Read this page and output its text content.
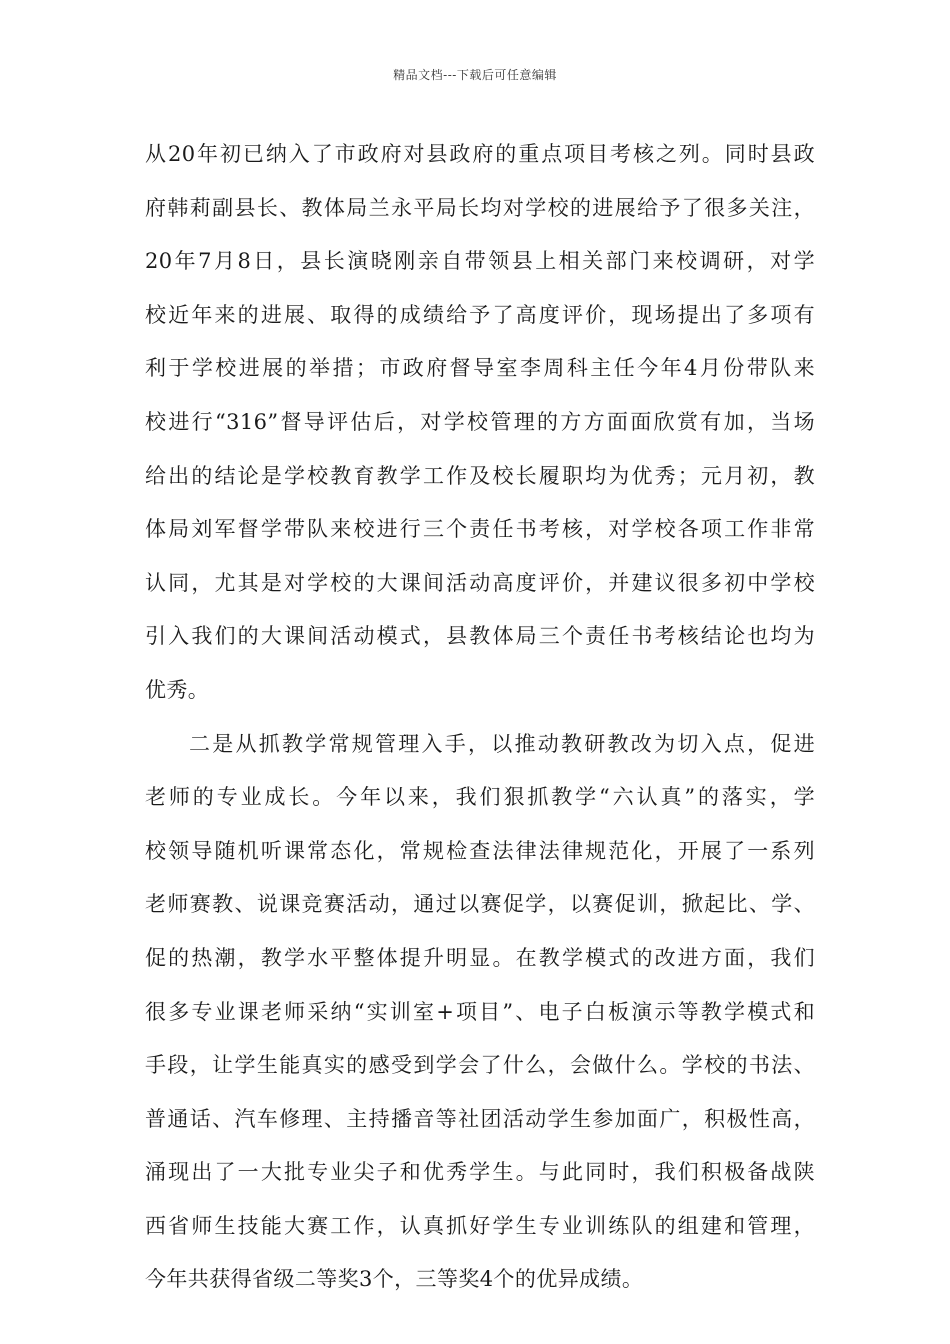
精品文档---下载后可任意编辑
从20年初已纳入了市政府对县政府的重点项目考核之列。同时县政
府韩莉副县长、教体局兰永平局长均对学校的进展给予了很多关注，
20年7月8日，县长演晓刚亲自带领县上相关部门来校调研，对学
校近年来的进展、取得的成绩给予了高度评价，现场提出了多项有
利于学校进展的举措；市政府督导室李周科主任今年4月份带队来
校进行“316”督导评估后，对学校管理的方方面面欣赏有加，当场
给出的结论是学校教育教学工作及校长履职均为优秀；元月初，教
体局刘军督学带队来校进行三个责任书考核，对学校各项工作非常
认同，尤其是对学校的大课间活动高度评价，并建议很多初中学校
引入我们的大课间活动模式，县教体局三个责任书考核结论也均为
优秀。
二是从抓教学常规管理入手，以推动教研教改为切入点，促进
老师的专业成长。今年以来，我们狠抓教学“六认真”的落实，学
校领导随机听课常态化，常规检查法律法律规范化，开展了一系列
老师赛教、说课竞赛活动，通过以赛促学，以赛促训，掀起比、学、
促的热潮，教学水平整体提升明显。在教学模式的改进方面，我们
很多专业课老师采纳“实训室+项目”、电子白板演示等教学模式和
手段，让学生能真实的感受到学会了什么，会做什么。学校的书法、
普通话、汽车修理、主持播音等社团活动学生参加面广，积极性高，
涌现出了一大批专业尖子和优秀学生。与此同时，我们积极备战陕
西省师生技能大赛工作，认真抓好学生专业训练队的组建和管理，
今年共获得省级二等奖3个，三等奖4个的优异成绩。
